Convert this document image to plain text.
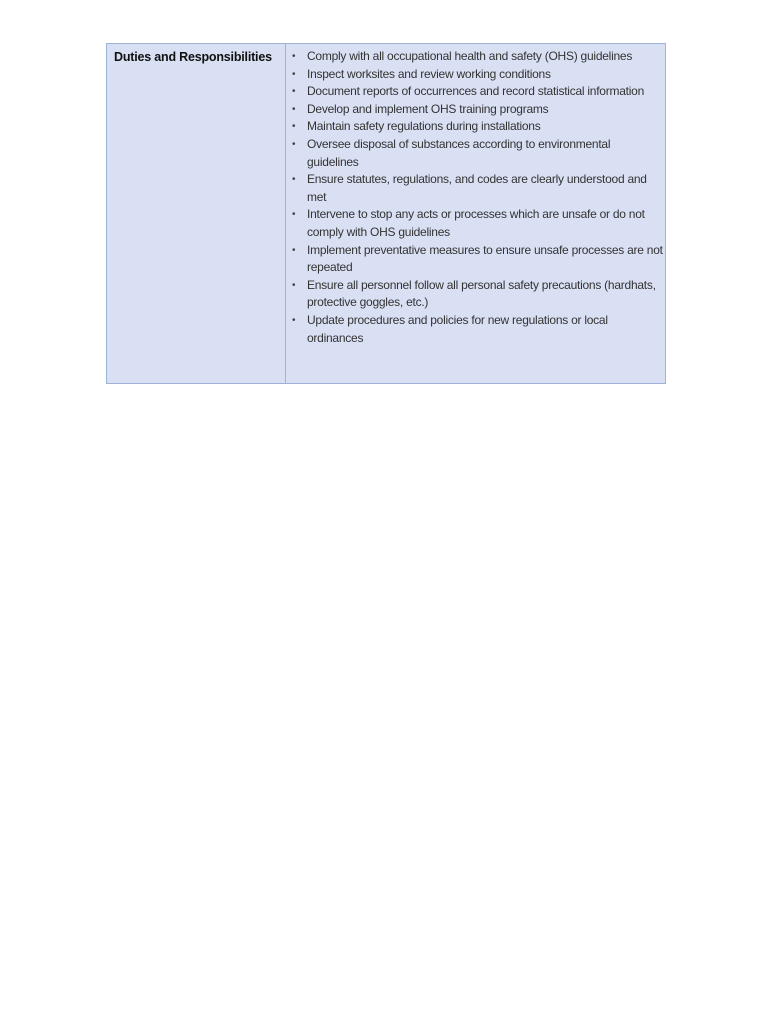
Duties and Responsibilities	• Comply with all occupational health and safety (OHS) guidelines
• Inspect worksites and review working conditions
• Document reports of occurrences and record statistical information
• Develop and implement OHS training programs
• Maintain safety regulations during installations
• Oversee disposal of substances according to environmental guidelines
• Ensure statutes, regulations, and codes are clearly understood and met
• Intervene to stop any acts or processes which are unsafe or do not comply with OHS guidelines
• Implement preventative measures to ensure unsafe processes are not repeated
• Ensure all personnel follow all personal safety precautions (hardhats, protective goggles, etc.)
• Update procedures and policies for new regulations or local ordinances
